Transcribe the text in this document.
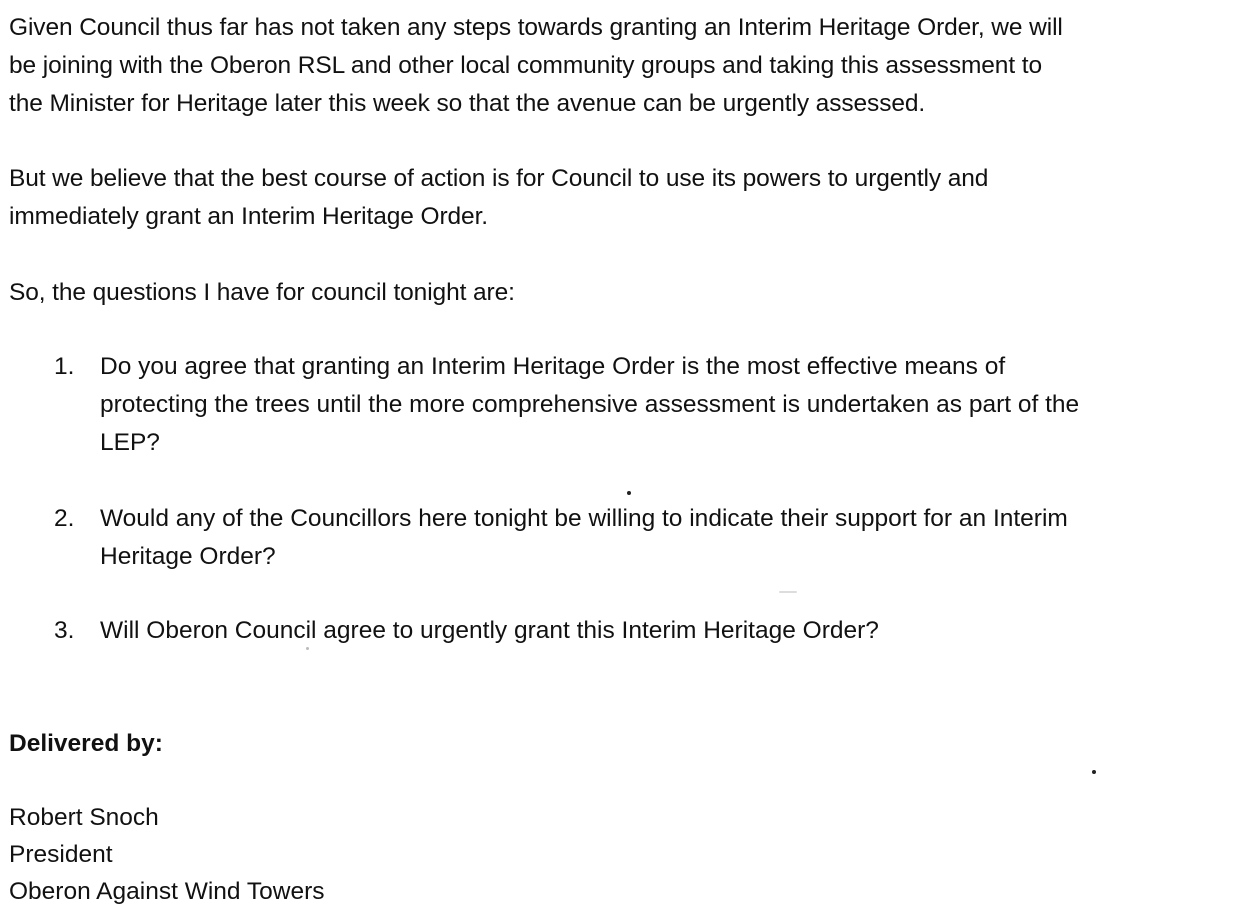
Given Council thus far has not taken any steps towards granting an Interim Heritage Order, we will
be joining with the Oberon RSL and other local community groups and taking this assessment to
the Minister for Heritage later this week so that the avenue can be urgently assessed.
But we believe that the best course of action is for Council to use its powers to urgently and
immediately grant an Interim Heritage Order.
So, the questions I have for council tonight are:
1. Do you agree that granting an Interim Heritage Order is the most effective means of
protecting the trees until the more comprehensive assessment is undertaken as part of the
LEP?
2. Would any of the Councillors here tonight be willing to indicate their support for an Interim
Heritage Order?
3. Will Oberon Council agree to urgently grant this Interim Heritage Order?
Delivered by:
Robert Snoch
President
Oberon Against Wind Towers
